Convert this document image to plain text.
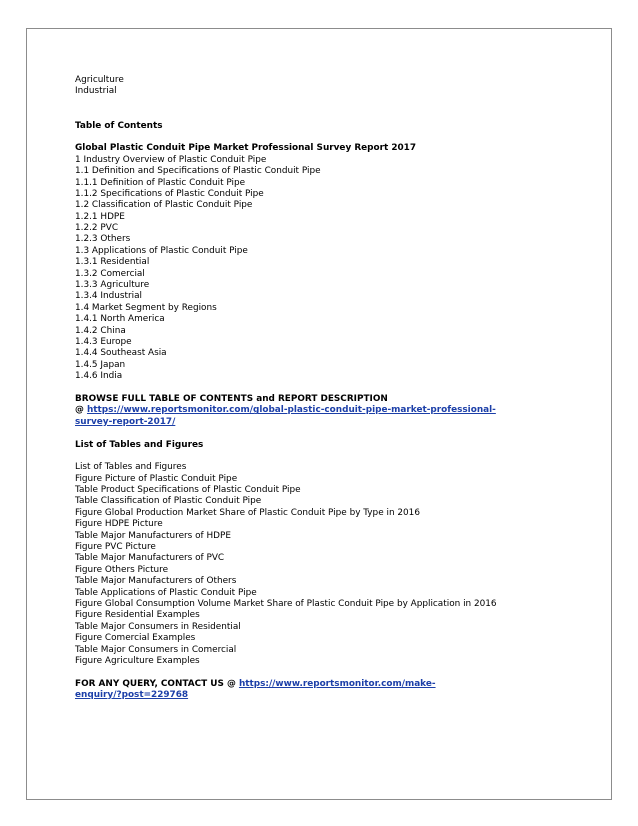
Agriculture
Industrial
Table of Contents
Global Plastic Conduit Pipe Market Professional Survey Report 2017
1 Industry Overview of Plastic Conduit Pipe
1.1 Definition and Specifications of Plastic Conduit Pipe
1.1.1 Definition of Plastic Conduit Pipe
1.1.2 Specifications of Plastic Conduit Pipe
1.2 Classification of Plastic Conduit Pipe
1.2.1 HDPE
1.2.2 PVC
1.2.3 Others
1.3 Applications of Plastic Conduit Pipe
1.3.1 Residential
1.3.2 Comercial
1.3.3 Agriculture
1.3.4 Industrial
1.4 Market Segment by Regions
1.4.1 North America
1.4.2 China
1.4.3 Europe
1.4.4 Southeast Asia
1.4.5 Japan
1.4.6 India
BROWSE FULL TABLE OF CONTENTS and REPORT DESCRIPTION
@ https://www.reportsmonitor.com/global-plastic-conduit-pipe-market-professional-
survey-report-2017/
List of Tables and Figures
List of Tables and Figures
Figure Picture of Plastic Conduit Pipe
Table Product Specifications of Plastic Conduit Pipe
Table Classification of Plastic Conduit Pipe
Figure Global Production Market Share of Plastic Conduit Pipe by Type in 2016
Figure HDPE Picture
Table Major Manufacturers of HDPE
Figure PVC Picture
Table Major Manufacturers of PVC
Figure Others Picture
Table Major Manufacturers of Others
Table Applications of Plastic Conduit Pipe
Figure Global Consumption Volume Market Share of Plastic Conduit Pipe by Application in 2016
Figure Residential Examples
Table Major Consumers in Residential
Figure Comercial Examples
Table Major Consumers in Comercial
Figure Agriculture Examples
FOR ANY QUERY, CONTACT US @ https://www.reportsmonitor.com/make-
enquiry/?post=229768
